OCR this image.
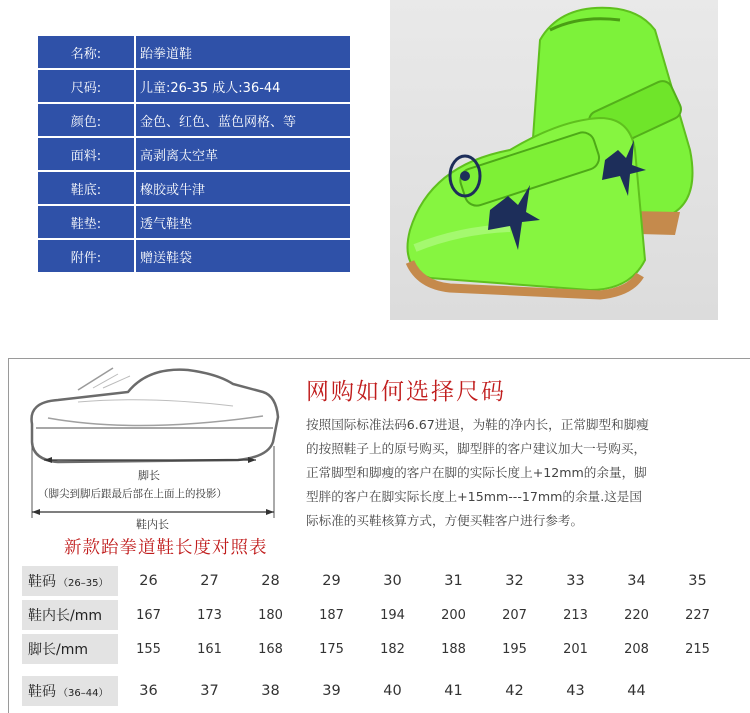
名称:	跆拳道鞋
尺码:	儿童:26-35 成人:36-44
颜色:	金色、红色、蓝色网格、等
面料:	高剥离太空革
鞋底:	橡胶或牛津
鞋垫:	透气鞋垫
附件:	赠送鞋袋
脚长
（脚尖到脚后跟最后部在上面上的投影）
鞋内长
网购如何选择尺码
按照国际标准法码6.67进退，为鞋的净内长，正常脚型和脚瘦
的按照鞋子上的原号购买，脚型胖的客户建议加大一号购买，
正常脚型和脚瘦的客户在脚的实际长度上+12mm的余量，脚
型胖的客户在脚实际长度上+15mm---17mm的余量.这是国
际标准的买鞋核算方式，方便买鞋客户进行参考。
新款跆拳道鞋长度对照表
鞋码 （26–35）	26	27	28	29	30	31	32	33	34	35
鞋内长/mm	167	173	180	187	194	200	207	213	220	227
脚长/mm	155	161	168	175	182	188	195	201	208	215
鞋码 （36–44）	36	37	38	39	40	41	42	43	44
